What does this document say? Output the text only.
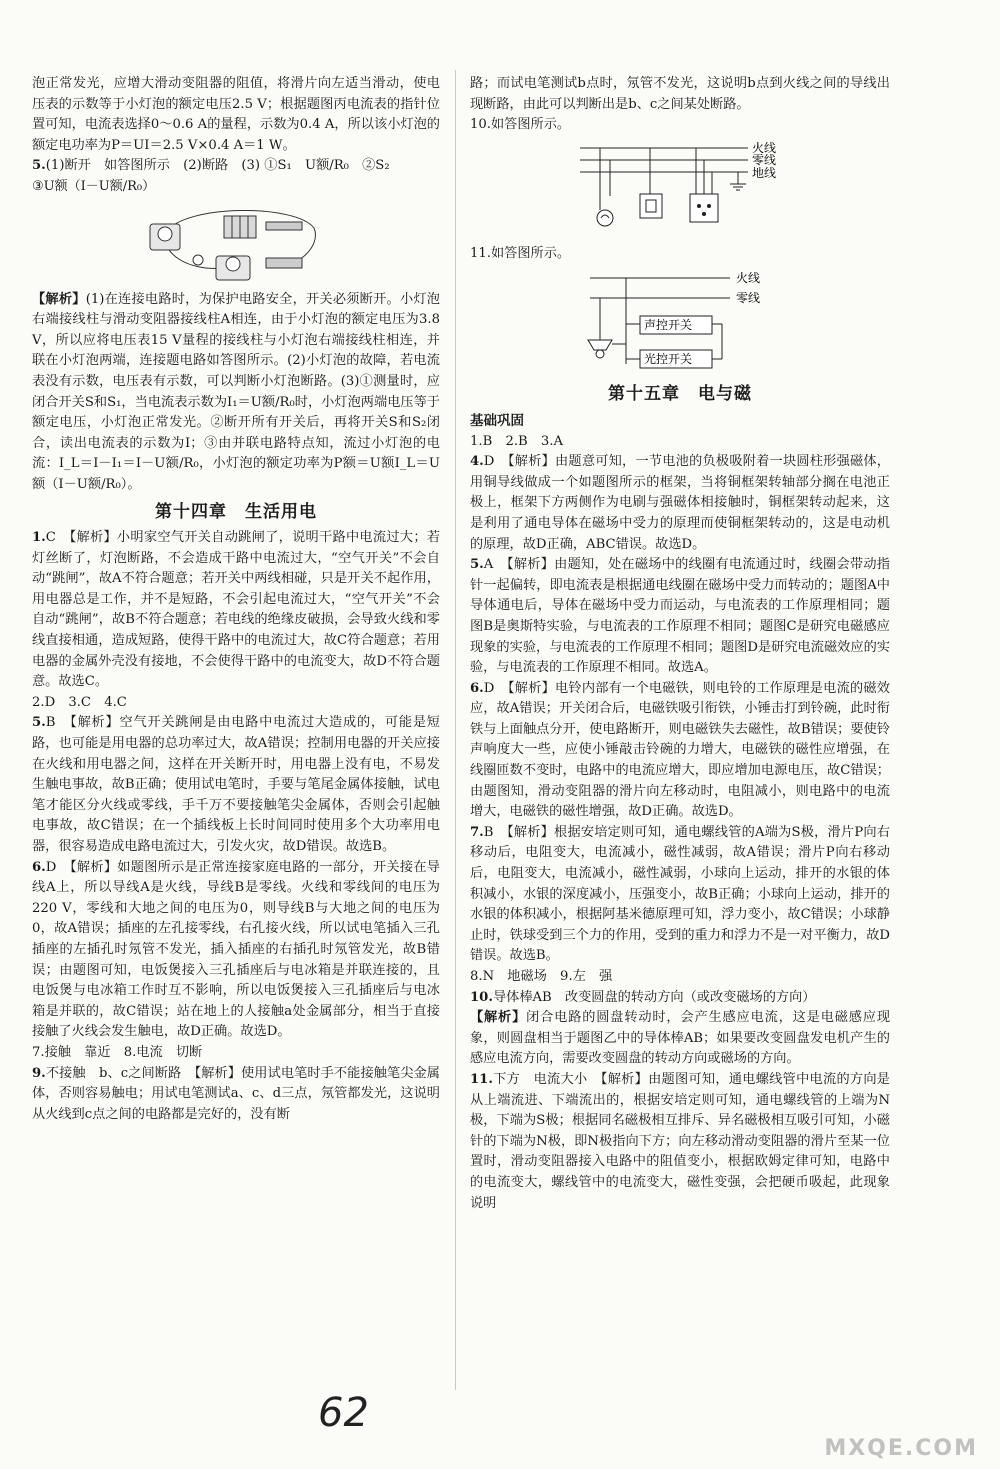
泡正常发光，应增大滑动变阻器的阻值，将滑片向左适当滑动，使电压表的示数等于小灯泡的额定电压2.5 V；根据题图丙电流表的指针位置可知，电流表选择0～0.6 A的量程，示数为0.4 A，所以该小灯泡的额定电功率为P＝UI＝2.5 V×0.4 A＝1 W。

5.(1)断开　如答图所示　(2)断路　(3) ①S₁　U额/R₀　②S₂

③U额（I－U额/R₀）

【解析】(1)在连接电路时，为保护电路安全，开关必须断开。小灯泡右端接线柱与滑动变阻器接线柱A相连，由于小灯泡的额定电压为3.8 V，所以应将电压表15 V量程的接线柱与小灯泡右端接线柱相连，并联在小灯泡两端，连接题电路如答图所示。(2)小灯泡的故障，若电流表没有示数，电压表有示数，可以判断小灯泡断路。(3)①测量时，应闭合开关S和S₁，当电流表示数为I₁＝U额/R₀时，小灯泡两端电压等于额定电压，小灯泡正常发光。②断开所有开关后，再将开关S和S₂闭合，读出电流表的示数为I；③由并联电路特点知，流过小灯泡的电流：I_L＝I－I₁＝I－U额/R₀，小灯泡的额定功率为P额＝U额I_L＝U额（I－U额/R₀）。

第十四章　生活用电

1.C　【解析】小明家空气开关自动跳闸了，说明干路中电流过大；若灯丝断了，灯泡断路，不会造成干路中电流过大，“空气开关”不会自动“跳闸”，故A不符合题意；若开关中两线相碰，只是开关不起作用，用电器总是工作，并不是短路，不会引起电流过大，“空气开关”不会自动“跳闸”，故B不符合题意；若电线的绝缘皮破损，会导致火线和零线直接相通，造成短路，使得干路中的电流过大，故C符合题意；若用电器的金属外壳没有接地，不会使得干路中的电流变大，故D不符合题意。故选C。

2.D　3.C　4.C

5.B　【解析】空气开关跳闸是由电路中电流过大造成的，可能是短路，也可能是用电器的总功率过大，故A错误；控制用电器的开关应接在火线和用电器之间，这样在开关断开时，用电器上没有电，不易发生触电事故，故B正确；使用试电笔时，手要与笔尾金属体接触，试电笔才能区分火线或零线，手千万不要接触笔尖金属体，否则会引起触电事故，故C错误；在一个插线板上长时间同时使用多个大功率用电器，很容易造成电路电流过大，引发火灾，故D错误。故选B。

6.D　【解析】如题图所示是正常连接家庭电路的一部分，开关接在导线A上，所以导线A是火线，导线B是零线。火线和零线间的电压为220 V，零线和大地之间的电压为0，则导线B与大地之间的电压为0，故A错误；插座的左孔接零线，右孔接火线，所以试电笔插入三孔插座的左插孔时氖管不发光，插入插座的右插孔时氖管发光，故B错误；由题图可知，电饭煲接入三孔插座后与电冰箱是并联连接的，且电饭煲与电冰箱工作时互不影响，所以电饭煲接入三孔插座后与电冰箱是并联的，故C错误；站在地上的人接触a处金属部分，相当于直接接触了火线会发生触电，故D正确。故选D。

7.接触　靠近　8.电流　切断

9.不接触　b、c之间断路　【解析】使用试电笔时手不能接触笔尖金属体，否则容易触电；用试电笔测试a、c、d三点，氖管都发光，这说明从火线到c点之间的电路都是完好的，没有断

路；而试电笔测试b点时，氖管不发光，这说明b点到火线之间的导线出现断路，由此可以判断出是b、c之间某处断路。

10.如答图所示。

火线
零线
地线

11.如答图所示。

火线
零线
声控开关
光控开关
第十五章　电与磁
基础巩固

1.B　2.B　3.A

4.D　【解析】由题意可知，一节电池的负极吸附着一块圆柱形强磁体，用铜导线做成一个如题图所示的框架，当将铜框架转轴部分搁在电池正极上，框架下方两侧作为电刷与强磁体相接触时，铜框架转动起来，这是利用了通电导体在磁场中受力的原理而使铜框架转动的，这是电动机的原理，故D正确，ABC错误。故选D。

5.A　【解析】由题知，处在磁场中的线圈有电流通过时，线圈会带动指针一起偏转，即电流表是根据通电线圈在磁场中受力而转动的；题图A中导体通电后，导体在磁场中受力而运动，与电流表的工作原理相同；题图B是奥斯特实验，与电流表的工作原理不相同；题图C是研究电磁感应现象的实验，与电流表的工作原理不相同；题图D是研究电流磁效应的实验，与电流表的工作原理不相同。故选A。

6.D　【解析】电铃内部有一个电磁铁，则电铃的工作原理是电流的磁效应，故A错误；开关闭合后，电磁铁吸引衔铁，小锤击打到铃碗，此时衔铁与上面触点分开，使电路断开，则电磁铁失去磁性，故B错误；要使铃声响度大一些，应使小锤敲击铃碗的力增大，电磁铁的磁性应增强，在线圈匝数不变时，电路中的电流应增大，即应增加电源电压，故C错误；由题图知，滑动变阻器的滑片向左移动时，电阻减小，则电路中的电流增大，电磁铁的磁性增强，故D正确。故选D。

7.B　【解析】根据安培定则可知，通电螺线管的A端为S极，滑片P向右移动后，电阻变大，电流减小，磁性减弱，故A错误；滑片P向右移动后，电阻变大，电流减小，磁性减弱，小球向上运动，排开的水银的体积减小，水银的深度减小，压强变小，故B正确；小球向上运动，排开的水银的体积减小，根据阿基米德原理可知，浮力变小，故C错误；小球静止时，铁球受到三个力的作用，受到的重力和浮力不是一对平衡力，故D错误。故选B。

8.N　地磁场　9.左　强

10.导体棒AB　改变圆盘的转动方向（或改变磁场的方向）

【解析】闭合电路的圆盘转动时，会产生感应电流，这是电磁感应现象，则圆盘相当于题图乙中的导体棒AB；如果要改变圆盘发电机产生的感应电流方向，需要改变圆盘的转动方向或磁场的方向。

11.下方　电流大小　【解析】由题图可知，通电螺线管中电流的方向是从上端流进、下端流出的，根据安培定则可知，通电螺线管的上端为N极，下端为S极；根据同名磁极相互排斥、异名磁极相互吸引可知，小磁针的下端为N极，即N极指向下方；向左移动滑动变阻器的滑片至某一位置时，滑动变阻器接入电路中的阻值变小，根据欧姆定律可知，电路中的电流变大，螺线管中的电流变大，磁性变强，会把硬币吸起，此现象说明

62
MXQE.COM
